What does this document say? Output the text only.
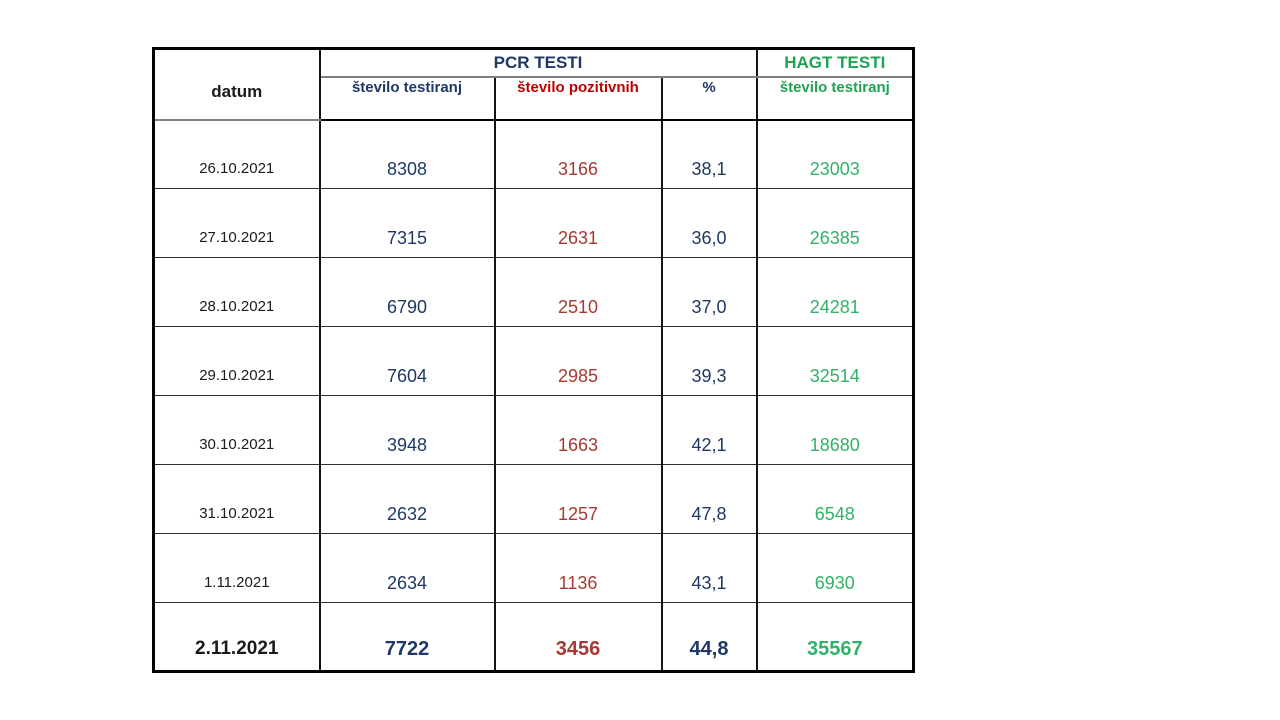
datum	PCR TESTI			HAGT TESTI
	število testiranj	število pozitivnih	%	število testiranj
26.10.2021	8308	3166	38,1	23003
27.10.2021	7315	2631	36,0	26385
28.10.2021	6790	2510	37,0	24281
29.10.2021	7604	2985	39,3	32514
30.10.2021	3948	1663	42,1	18680
31.10.2021	2632	1257	47,8	6548
1.11.2021	2634	1136	43,1	6930
2.11.2021	7722	3456	44,8	35567
